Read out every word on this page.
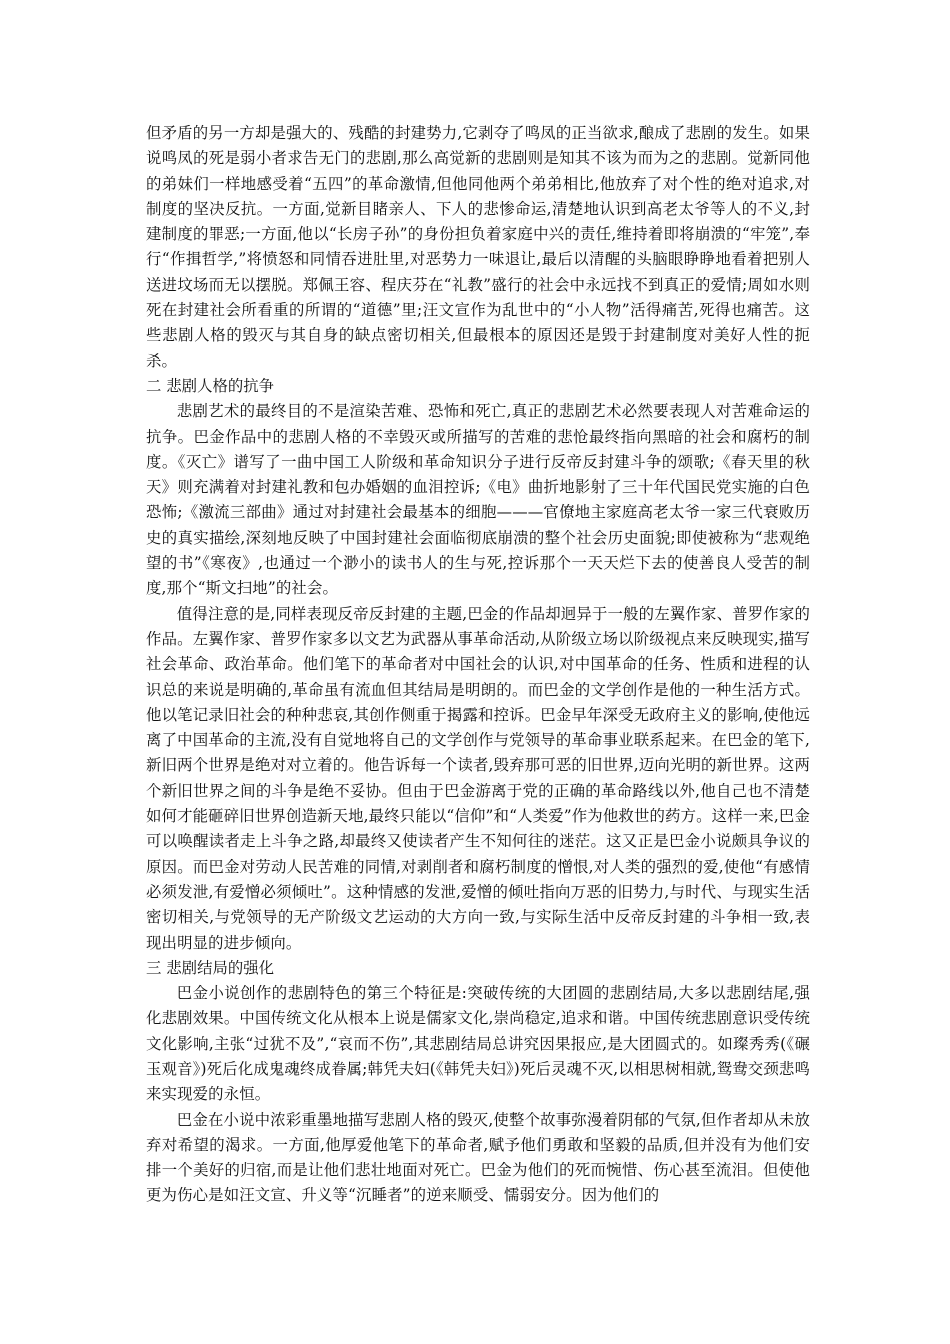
但矛盾的另一方却是强大的、残酷的封建势力,它剥夺了鸣凤的正当欲求,酿成了悲剧的发生。如果说鸣凤的死是弱小者求告无门的悲剧,那么高觉新的悲剧则是知其不该为而为之的悲剧。觉新同他的弟妹们一样地感受着“五四”的革命激情,但他同他两个弟弟相比,他放弃了对个性的绝对追求,对制度的坚决反抗。一方面,觉新目睹亲人、下人的悲惨命运,清楚地认识到高老太爷等人的不义,封建制度的罪恶;一方面,他以“长房子孙”的身份担负着家庭中兴的责任,维持着即将崩溃的“牢笼”,奉行“作揖哲学,”将愤怒和同情吞进肚里,对恶势力一味退让,最后以清醒的头脑眼睁睁地看着把别人送进坟场而无以摆脱。郑佩王容、程庆芬在“礼教”盛行的社会中永远找不到真正的爱情;周如水则死在封建社会所看重的所谓的“道德”里;汪文宣作为乱世中的“小人物”活得痛苦,死得也痛苦。这些悲剧人格的毁灭与其自身的缺点密切相关,但最根本的原因还是毁于封建制度对美好人性的扼杀。

二 悲剧人格的抗争

悲剧艺术的最终目的不是渲染苦难、恐怖和死亡,真正的悲剧艺术必然要表现人对苦难命运的抗争。巴金作品中的悲剧人格的不幸毁灭或所描写的苦难的悲怆最终指向黑暗的社会和腐朽的制度。《灭亡》谱写了一曲中国工人阶级和革命知识分子进行反帝反封建斗争的颂歌;《春天里的秋天》则充满着对封建礼教和包办婚姻的血泪控诉;《电》曲折地影射了三十年代国民党实施的白色恐怖;《激流三部曲》通过对封建社会最基本的细胞———官僚地主家庭高老太爷一家三代衰败历史的真实描绘,深刻地反映了中国封建社会面临彻底崩溃的整个社会历史面貌;即使被称为“悲观绝望的书”《寒夜》,也通过一个渺小的读书人的生与死,控诉那个一天天烂下去的使善良人受苦的制度,那个“斯文扫地”的社会。

值得注意的是,同样表现反帝反封建的主题,巴金的作品却迥异于一般的左翼作家、普罗作家的作品。左翼作家、普罗作家多以文艺为武器从事革命活动,从阶级立场以阶级视点来反映现实,描写社会革命、政治革命。他们笔下的革命者对中国社会的认识,对中国革命的任务、性质和进程的认识总的来说是明确的,革命虽有流血但其结局是明朗的。而巴金的文学创作是他的一种生活方式。他以笔记录旧社会的种种悲哀,其创作侧重于揭露和控诉。巴金早年深受无政府主义的影响,使他远离了中国革命的主流,没有自觉地将自己的文学创作与党领导的革命事业联系起来。在巴金的笔下,新旧两个世界是绝对对立着的。他告诉每一个读者,毁弃那可恶的旧世界,迈向光明的新世界。这两个新旧世界之间的斗争是绝不妥协。但由于巴金游离于党的正确的革命路线以外,他自己也不清楚如何才能砸碎旧世界创造新天地,最终只能以“信仰”和“人类爱”作为他救世的药方。这样一来,巴金可以唤醒读者走上斗争之路,却最终又使读者产生不知何往的迷茫。这又正是巴金小说颇具争议的原因。而巴金对劳动人民苦难的同情,对剥削者和腐朽制度的憎恨,对人类的强烈的爱,使他“有感情必须发泄,有爱憎必须倾吐”。这种情感的发泄,爱憎的倾吐指向万恶的旧势力,与时代、与现实生活密切相关,与党领导的无产阶级文艺运动的大方向一致,与实际生活中反帝反封建的斗争相一致,表现出明显的进步倾向。

三 悲剧结局的强化

巴金小说创作的悲剧特色的第三个特征是:突破传统的大团圆的悲剧结局,大多以悲剧结尾,强化悲剧效果。中国传统文化从根本上说是儒家文化,崇尚稳定,追求和谐。中国传统悲剧意识受传统文化影响,主张“过犹不及”,“哀而不伤”,其悲剧结局总讲究因果报应,是大团圆式的。如璨秀秀(《碾玉观音》)死后化成鬼魂终成眷属;韩凭夫妇(《韩凭夫妇》)死后灵魂不灭,以相思树相就,鸳鸯交颈悲鸣来实现爱的永恒。

巴金在小说中浓彩重墨地描写悲剧人格的毁灭,使整个故事弥漫着阴郁的气氛,但作者却从未放弃对希望的渴求。一方面,他厚爱他笔下的革命者,赋予他们勇敢和坚毅的品质,但并没有为他们安排一个美好的归宿,而是让他们悲壮地面对死亡。巴金为他们的死而惋惜、伤心甚至流泪。但使他更为伤心是如汪文宣、升义等“沉睡者”的逆来顺受、懦弱安分。因为他们的
